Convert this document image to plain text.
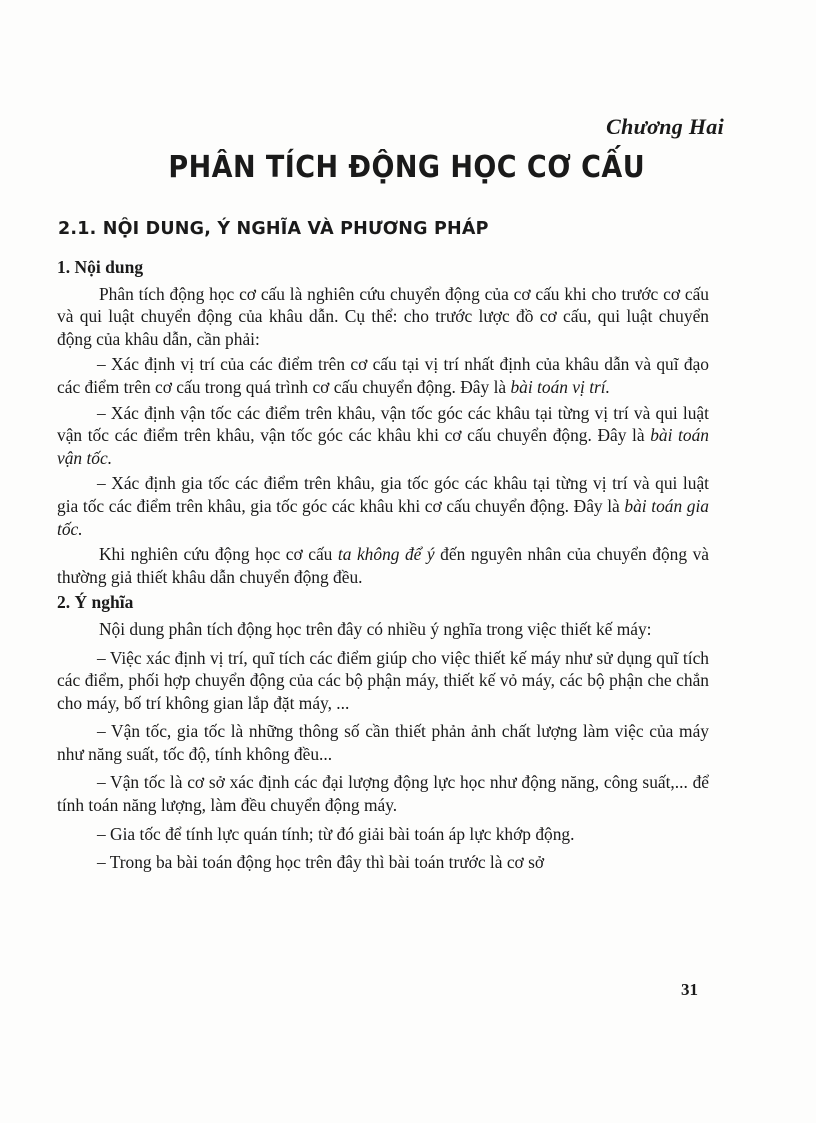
Chương Hai
PHÂN TÍCH ĐỘNG HỌC CƠ CẤU
2.1. NỘI DUNG, Ý NGHĨA VÀ PHƯƠNG PHÁP
1. Nội dung

Phân tích động học cơ cấu là nghiên cứu chuyển động của cơ cấu khi cho trước cơ cấu và qui luật chuyển động của khâu dẫn. Cụ thể: cho trước lược đồ cơ cấu, qui luật chuyển động của khâu dẫn, cần phải:

– Xác định vị trí của các điểm trên cơ cấu tại vị trí nhất định của khâu dẫn và quĩ đạo các điểm trên cơ cấu trong quá trình cơ cấu chuyển động. Đây là bài toán vị trí.

– Xác định vận tốc các điểm trên khâu, vận tốc góc các khâu tại từng vị trí và qui luật vận tốc các điểm trên khâu, vận tốc góc các khâu khi cơ cấu chuyển động. Đây là bài toán vận tốc.

– Xác định gia tốc các điểm trên khâu, gia tốc góc các khâu tại từng vị trí và qui luật gia tốc các điểm trên khâu, gia tốc góc các khâu khi cơ cấu chuyển động. Đây là bài toán gia tốc.

Khi nghiên cứu động học cơ cấu ta không để ý đến nguyên nhân của chuyển động và thường giả thiết khâu dẫn chuyển động đều.

2. Ý nghĩa

Nội dung phân tích động học trên đây có nhiều ý nghĩa trong việc thiết kế máy:

– Việc xác định vị trí, quĩ tích các điểm giúp cho việc thiết kế máy như sử dụng quĩ tích các điểm, phối hợp chuyển động của các bộ phận máy, thiết kế vỏ máy, các bộ phận che chắn cho máy, bố trí không gian lắp đặt máy, ...

– Vận tốc, gia tốc là những thông số cần thiết phản ảnh chất lượng làm việc của máy như năng suất, tốc độ, tính không đều...

– Vận tốc là cơ sở xác định các đại lượng động lực học như động năng, công suất,... để tính toán năng lượng, làm đều chuyển động máy.

– Gia tốc để tính lực quán tính; từ đó giải bài toán áp lực khớp động.

– Trong ba bài toán động học trên đây thì bài toán trước là cơ sở

31
